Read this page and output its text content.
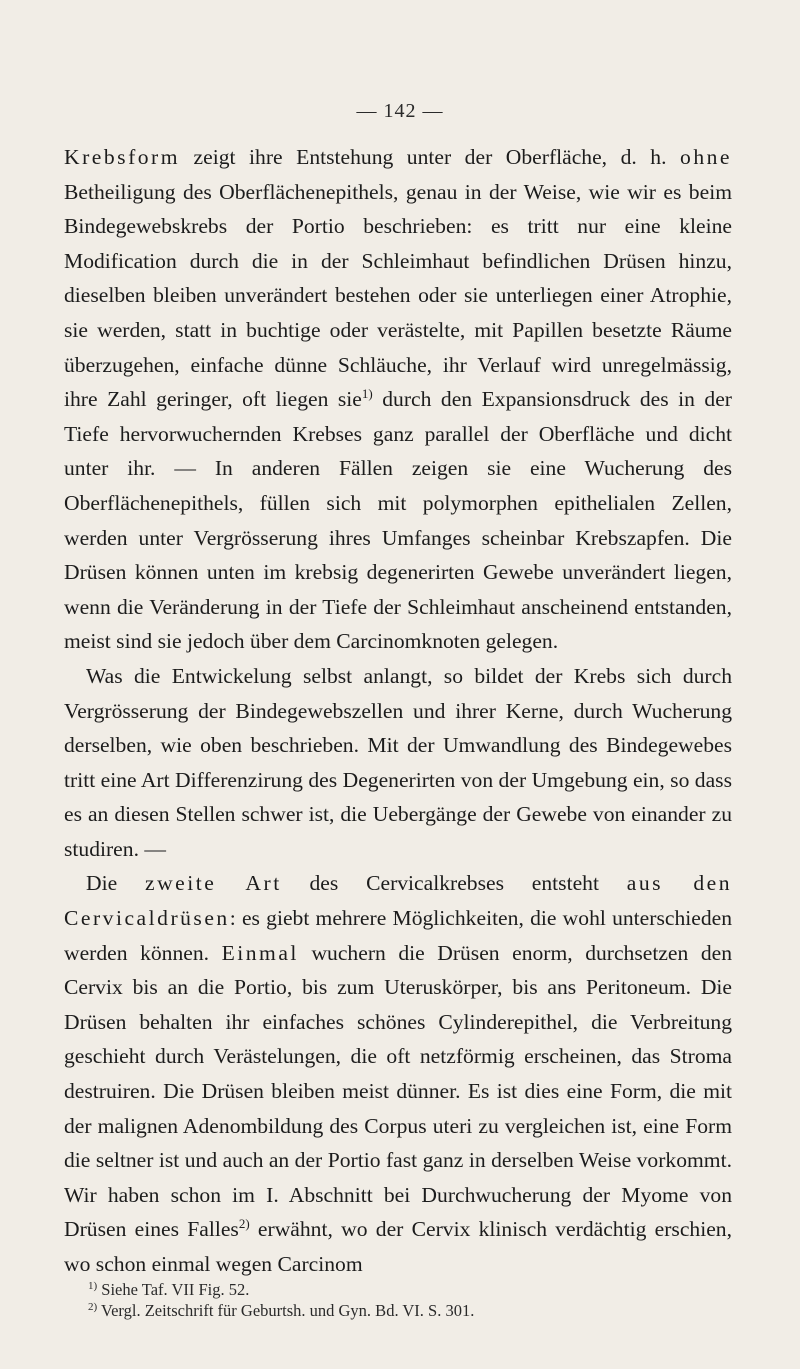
— 142 —

Krebsform zeigt ihre Entstehung unter der Oberfläche, d. h. ohne Betheiligung des Oberflächenepithels, genau in der Weise, wie wir es beim Bindegewebskrebs der Portio beschrieben: es tritt nur eine kleine Modification durch die in der Schleimhaut befindlichen Drüsen hinzu, dieselben bleiben unverändert bestehen oder sie unterliegen einer Atrophie, sie werden, statt in buchtige oder verästelte, mit Papillen besetzte Räume überzugehen, einfache dünne Schläuche, ihr Verlauf wird unregelmässig, ihre Zahl geringer, oft liegen sie$^{1)}$ durch den Expansionsdruck des in der Tiefe hervorwuchernden Krebses ganz parallel der Oberfläche und dicht unter ihr. — In anderen Fällen zeigen sie eine Wucherung des Oberflächenepithels, füllen sich mit polymorphen epithelialen Zellen, werden unter Vergrösserung ihres Umfanges scheinbar Krebszapfen. Die Drüsen können unten im krebsig degenerirten Gewebe unverändert liegen, wenn die Veränderung in der Tiefe der Schleimhaut anscheinend entstanden, meist sind sie jedoch über dem Carcinomknoten gelegen.

Was die Entwickelung selbst anlangt, so bildet der Krebs sich durch Vergrösserung der Bindegewebszellen und ihrer Kerne, durch Wucherung derselben, wie oben beschrieben. Mit der Umwandlung des Bindegewebes tritt eine Art Differenzirung des Degenerirten von der Umgebung ein, so dass es an diesen Stellen schwer ist, die Uebergänge der Gewebe von einander zu studiren. —

Die zweite Art des Cervicalkrebses entsteht aus den Cervicaldrüsen: es giebt mehrere Möglichkeiten, die wohl unterschieden werden können. Einmal wuchern die Drüsen enorm, durchsetzen den Cervix bis an die Portio, bis zum Uteruskörper, bis ans Peritoneum. Die Drüsen behalten ihr einfaches schönes Cylinderepithel, die Verbreitung geschieht durch Verästelungen, die oft netzförmig erscheinen, das Stroma destruiren. Die Drüsen bleiben meist dünner. Es ist dies eine Form, die mit der malignen Adenombildung des Corpus uteri zu vergleichen ist, eine Form die seltner ist und auch an der Portio fast ganz in derselben Weise vorkommt. Wir haben schon im I. Abschnitt bei Durchwucherung der Myome von Drüsen eines Falles$^{2)}$ erwähnt, wo der Cervix klinisch verdächtig erschien, wo schon einmal wegen Carcinom

$^{1)}$ Siehe Taf. VII Fig. 52.
$^{2)}$ Vergl. Zeitschrift für Geburtsh. und Gyn. Bd. VI. S. 301.
